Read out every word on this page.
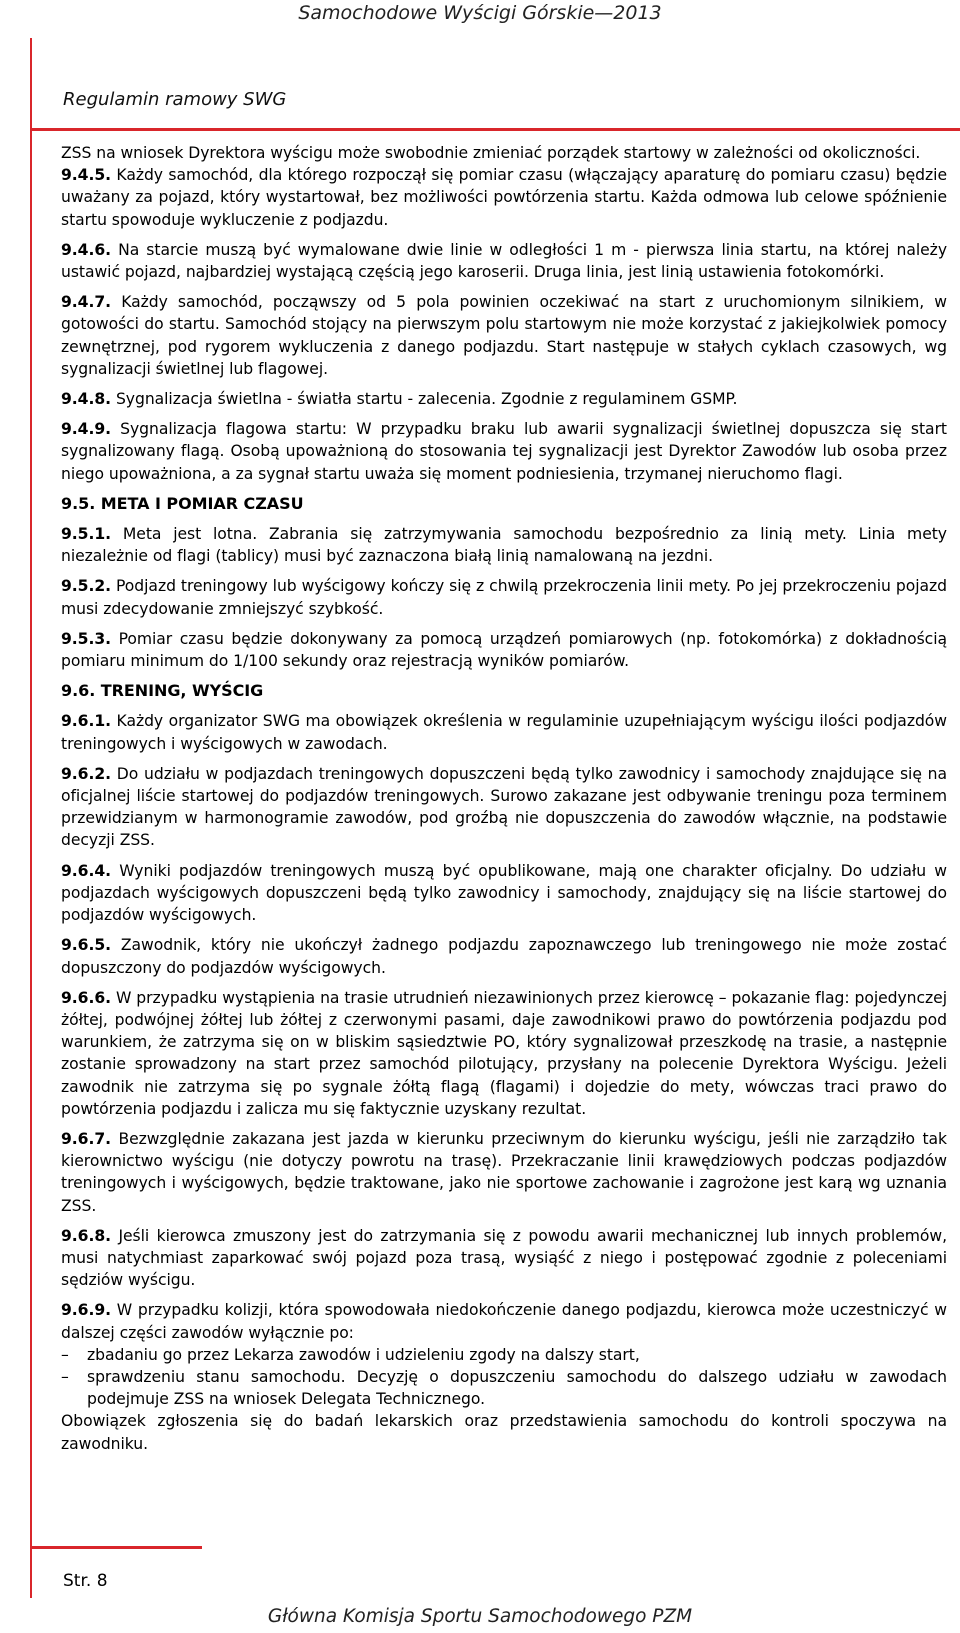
Samochodowe Wyścigi Górskie—2013
Regulamin ramowy SWG

ZSS na wniosek Dyrektora wyścigu może swobodnie zmieniać porządek startowy w zależności od okoliczności.

9.4.5. Każdy samochód, dla którego rozpoczął się pomiar czasu (włączający aparaturę do pomiaru czasu) będzie uważany za pojazd, który wystartował, bez możliwości powtórzenia startu. Każda odmowa lub celowe spóźnienie startu spowoduje wykluczenie z podjazdu.

9.4.6. Na starcie muszą być wymalowane dwie linie w odległości 1 m - pierwsza linia startu, na której należy ustawić pojazd, najbardziej wystającą częścią jego karoserii. Druga linia, jest linią ustawienia fotokomórki.

9.4.7. Każdy samochód, począwszy od 5 pola powinien oczekiwać na start z uruchomionym silnikiem, w gotowości do startu. Samochód stojący na pierwszym polu startowym nie może korzystać z jakiejkolwiek pomocy zewnętrznej, pod rygorem wykluczenia z danego podjazdu. Start następuje w stałych cyklach czasowych, wg sygnalizacji świetlnej lub flagowej.

9.4.8. Sygnalizacja świetlna - światła startu - zalecenia. Zgodnie z regulaminem GSMP.

9.4.9. Sygnalizacja flagowa startu: W przypadku braku lub awarii sygnalizacji świetlnej dopuszcza się start sygnalizowany flagą. Osobą upoważnioną do stosowania tej sygnalizacji jest Dyrektor Zawodów lub osoba przez niego upoważniona, a za sygnał startu uważa się moment podniesienia, trzymanej nieruchomo flagi.

9.5. META I POMIAR CZASU

9.5.1. Meta jest lotna. Zabrania się zatrzymywania samochodu bezpośrednio za linią mety. Linia mety niezależnie od flagi (tablicy) musi być zaznaczona białą linią namalowaną na jezdni.

9.5.2. Podjazd treningowy lub wyścigowy kończy się z chwilą przekroczenia linii mety. Po jej przekroczeniu pojazd musi zdecydowanie zmniejszyć szybkość.

9.5.3. Pomiar czasu będzie dokonywany za pomocą urządzeń pomiarowych (np. fotokomórka) z dokładnością pomiaru minimum do 1/100 sekundy oraz rejestracją wyników pomiarów.

9.6. TRENING, WYŚCIG

9.6.1. Każdy organizator SWG ma obowiązek określenia w regulaminie uzupełniającym wyścigu ilości podjazdów treningowych i wyścigowych w zawodach.

9.6.2. Do udziału w podjazdach treningowych dopuszczeni będą tylko zawodnicy i samochody znajdujące się na oficjalnej liście startowej do podjazdów treningowych. Surowo zakazane jest odbywanie treningu poza terminem przewidzianym w harmonogramie zawodów, pod groźbą nie dopuszczenia do zawodów włącznie, na podstawie decyzji ZSS.

9.6.4. Wyniki podjazdów treningowych muszą być opublikowane, mają one charakter oficjalny. Do udziału w podjazdach wyścigowych dopuszczeni będą tylko zawodnicy i samochody, znajdujący się na liście startowej do podjazdów wyścigowych.

9.6.5. Zawodnik, który nie ukończył żadnego podjazdu zapoznawczego lub treningowego nie może zostać dopuszczony do podjazdów wyścigowych.

9.6.6. W przypadku wystąpienia na trasie utrudnień niezawinionych przez kierowcę – pokazanie flag: pojedynczej żółtej, podwójnej żółtej lub żółtej z czerwonymi pasami, daje zawodnikowi prawo do powtórzenia podjazdu pod warunkiem, że zatrzyma się on w bliskim sąsiedztwie PO, który sygnalizował przeszkodę na trasie, a następnie zostanie sprowadzony na start przez samochód pilotujący, przysłany na polecenie Dyrektora Wyścigu. Jeżeli zawodnik nie zatrzyma się po sygnale żółtą flagą (flagami) i dojedzie do mety, wówczas traci prawo do powtórzenia podjazdu i zalicza mu się faktycznie uzyskany rezultat.

9.6.7. Bezwzględnie zakazana jest jazda w kierunku przeciwnym do kierunku wyścigu, jeśli nie zarządziło tak kierownictwo wyścigu (nie dotyczy powrotu na trasę). Przekraczanie linii krawędziowych podczas podjazdów treningowych i wyścigowych, będzie traktowane, jako nie sportowe zachowanie i zagrożone jest karą wg uznania ZSS.

9.6.8. Jeśli kierowca zmuszony jest do zatrzymania się z powodu awarii mechanicznej lub innych problemów, musi natychmiast zaparkować swój pojazd poza trasą, wysiąść z niego i postępować zgodnie z poleceniami sędziów wyścigu.

9.6.9. W przypadku kolizji, która spowodowała niedokończenie danego podjazdu, kierowca może uczestniczyć w dalszej części zawodów wyłącznie po:

–	zbadaniu go przez Lekarza zawodów i udzieleniu zgody na dalszy start,
–	sprawdzeniu stanu samochodu. Decyzję o dopuszczeniu samochodu do dalszego udziału w zawodach podejmuje ZSS na wniosek Delegata Technicznego.

Obowiązek zgłoszenia się do badań lekarskich oraz przedstawienia samochodu do kontroli spoczywa na zawodniku.

Str. 8
Główna Komisja Sportu Samochodowego PZM
